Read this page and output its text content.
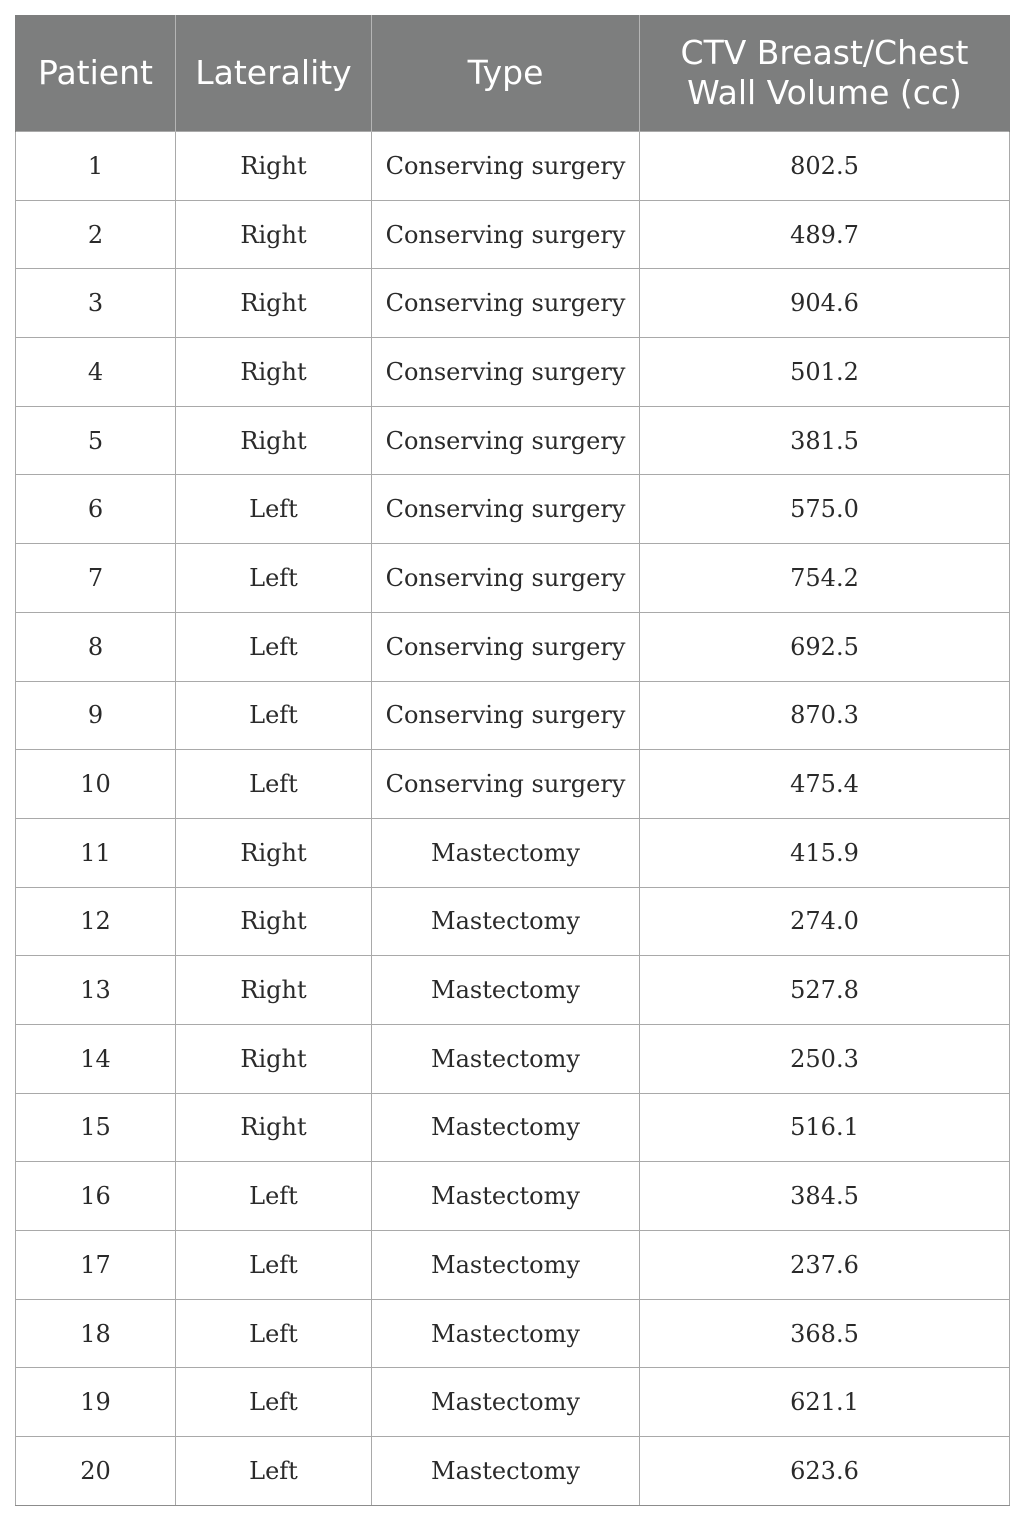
Patient	Laterality	Type	CTV Breast/Chest
Wall Volume (cc)

1	Right	Conserving surgery	802.5
2	Right	Conserving surgery	489.7
3	Right	Conserving surgery	904.6
4	Right	Conserving surgery	501.2
5	Right	Conserving surgery	381.5
6	Left	Conserving surgery	575.0
7	Left	Conserving surgery	754.2
8	Left	Conserving surgery	692.5
9	Left	Conserving surgery	870.3
10	Left	Conserving surgery	475.4
11	Right	Mastectomy	415.9
12	Right	Mastectomy	274.0
13	Right	Mastectomy	527.8
14	Right	Mastectomy	250.3
15	Right	Mastectomy	516.1
16	Left	Mastectomy	384.5
17	Left	Mastectomy	237.6
18	Left	Mastectomy	368.5
19	Left	Mastectomy	621.1
20	Left	Mastectomy	623.6
